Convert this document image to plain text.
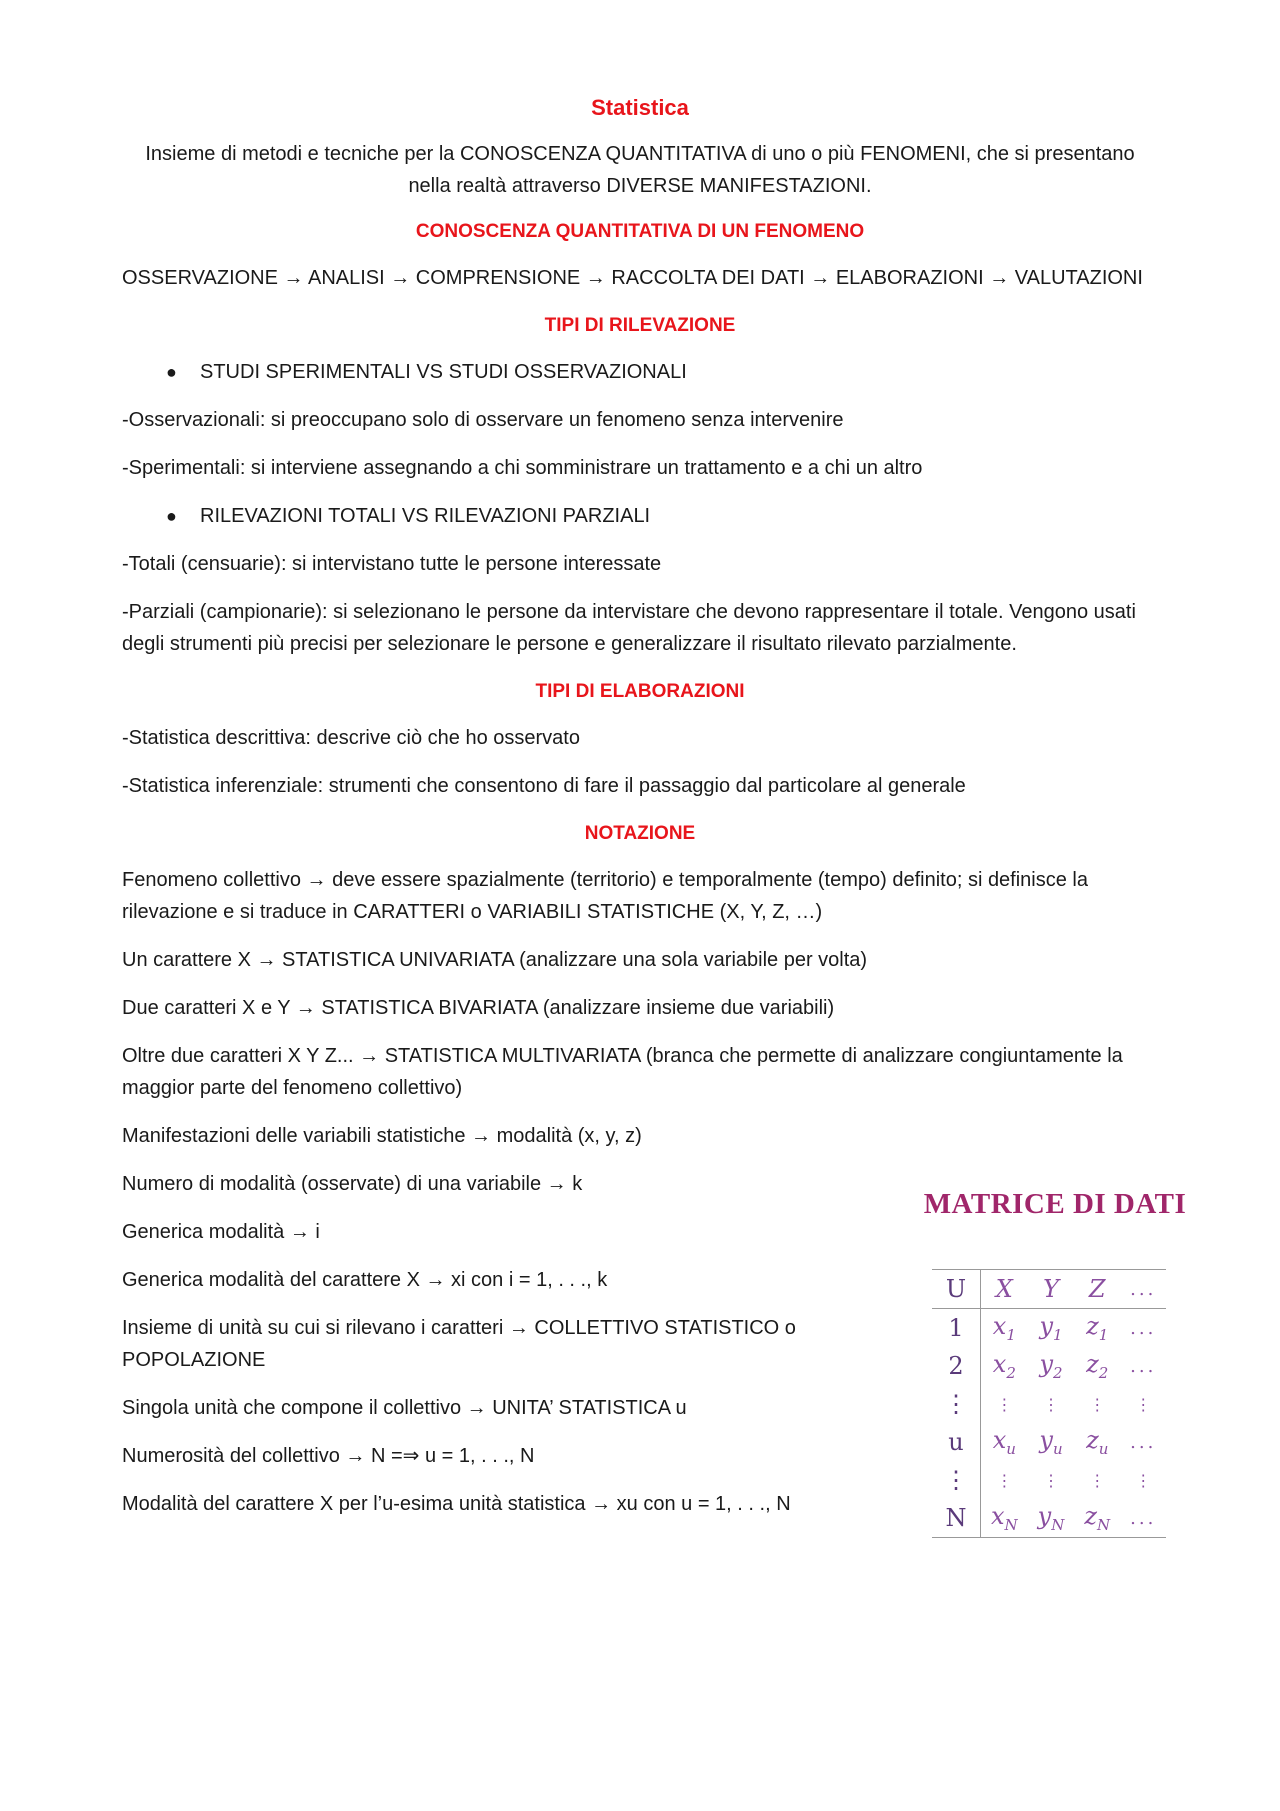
Statistica
Insieme di metodi e tecniche per la CONOSCENZA QUANTITATIVA di uno o più FENOMENI, che si presentano nella realtà attraverso DIVERSE MANIFESTAZIONI.
CONOSCENZA QUANTITATIVA DI UN FENOMENO
OSSERVAZIONE → ANALISI → COMPRENSIONE → RACCOLTA DEI DATI → ELABORAZIONI → VALUTAZIONI
TIPI DI RILEVAZIONE
● STUDI SPERIMENTALI VS STUDI OSSERVAZIONALI
-Osservazionali: si preoccupano solo di osservare un fenomeno senza intervenire
-Sperimentali: si interviene assegnando a chi somministrare un trattamento e a chi un altro
● RILEVAZIONI TOTALI VS RILEVAZIONI PARZIALI
-Totali (censuarie): si intervistano tutte le persone interessate
-Parziali (campionarie): si selezionano le persone da intervistare che devono rappresentare il totale. Vengono usati degli strumenti più precisi per selezionare le persone e generalizzare il risultato rilevato parzialmente.
TIPI DI ELABORAZIONI
-Statistica descrittiva: descrive ciò che ho osservato
-Statistica inferenziale: strumenti che consentono di fare il passaggio dal particolare al generale
NOTAZIONE
Fenomeno collettivo → deve essere spazialmente (territorio) e temporalmente (tempo) definito; si definisce la rilevazione e si traduce in CARATTERI o VARIABILI STATISTICHE (X, Y, Z, …)
Un carattere X → STATISTICA UNIVARIATA (analizzare una sola variabile per volta)
Due caratteri X e Y → STATISTICA BIVARIATA (analizzare insieme due variabili)
Oltre due caratteri X Y Z... → STATISTICA MULTIVARIATA (branca che permette di analizzare congiuntamente la maggior parte del fenomeno collettivo)
Manifestazioni delle variabili statistiche → modalità (x, y, z)
Numero di modalità (osservate) di una variabile → k
Generica modalità → i
Generica modalità del carattere X → xi con i = 1, . . ., k
Insieme di unità su cui si rilevano i caratteri → COLLETTIVO STATISTICO o POPOLAZIONE
Singola unità che compone il collettivo → UNITA’ STATISTICA u
Numerosità del collettivo → N =⇒ u = 1, . . ., N
Modalità del carattere X per l’u-esima unità statistica → xu con u = 1, . . ., N
MATRICE DI DATI
U	X	Y	Z	...
1	$x_1$	$y_1$	$z_1$	...
2	$x_2$	$y_2$	$z_2$	...
⋮	⋮	⋮	⋮	⋮
u	$x_u$	$y_u$	$z_u$	...
⋮	⋮	⋮	⋮	⋮
N	$x_N$	$y_N$	$z_N$	...
